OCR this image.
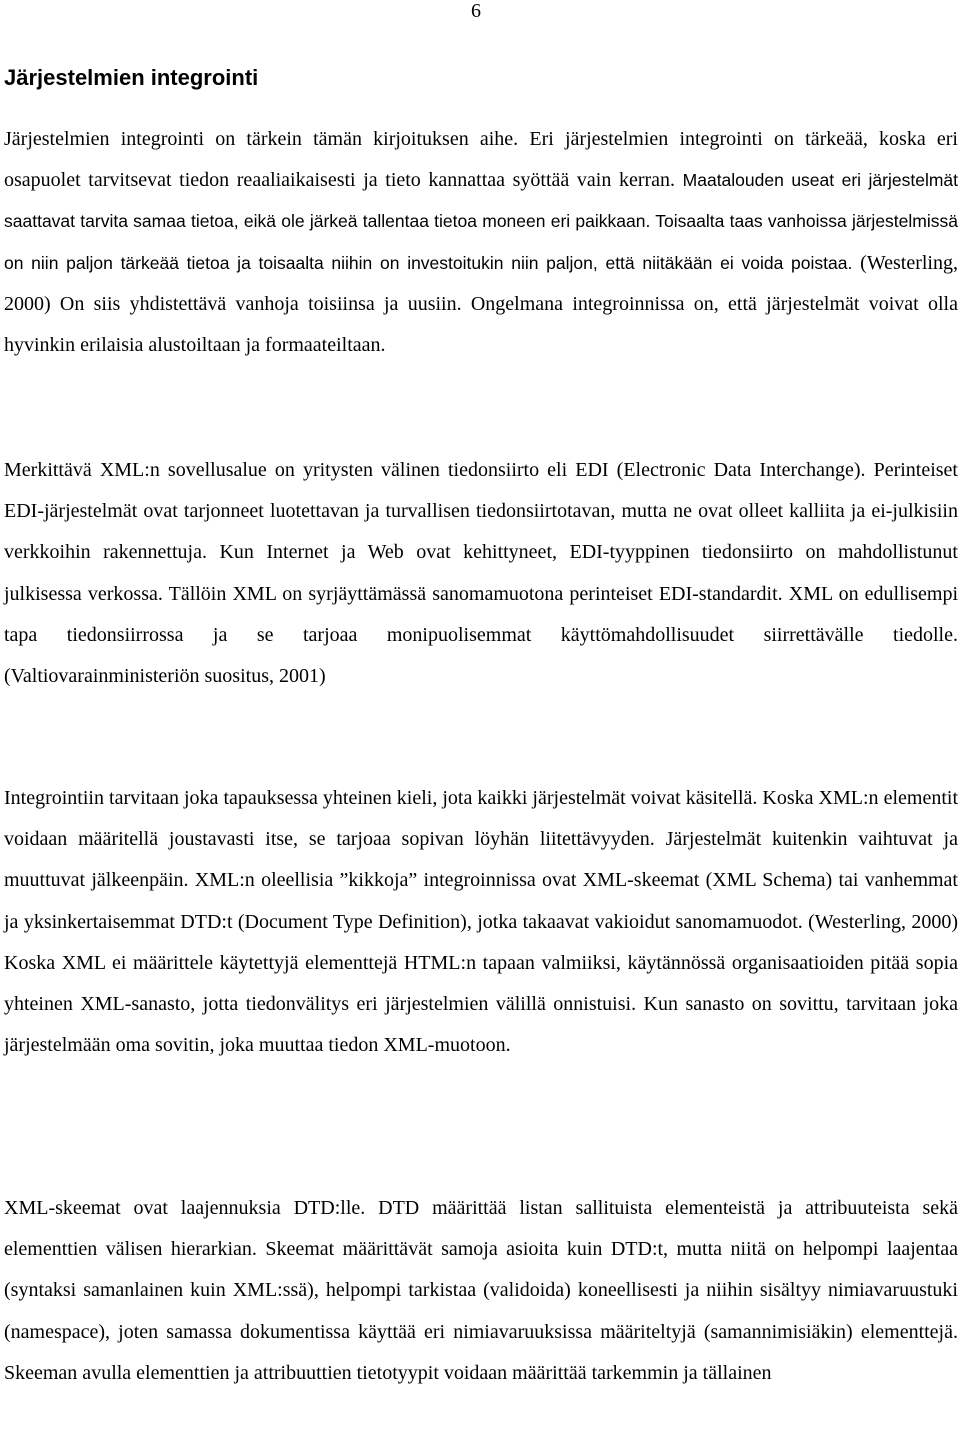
6
Järjestelmien integrointi

Järjestelmien integrointi on tärkein tämän kirjoituksen aihe. Eri järjestelmien integrointi on tärkeää, koska eri osapuolet tarvitsevat tiedon reaaliaikaisesti ja tieto kannattaa syöttää vain kerran. Maatalouden useat eri järjestelmät saattavat tarvita samaa tietoa, eikä ole järkeä tallentaa tietoa moneen eri paikkaan. Toisaalta taas vanhoissa järjestelmissä on niin paljon tärkeää tietoa ja toisaalta niihin on investoitukin niin paljon, että niitäkään ei voida poistaa. (Westerling, 2000) On siis yhdistettävä vanhoja toisiinsa ja uusiin. Ongelmana integroinnissa on, että järjestelmät voivat olla hyvinkin erilaisia alustoiltaan ja formaateiltaan.

Merkittävä XML:n sovellusalue on yritysten välinen tiedonsiirto eli EDI (Electronic Data Interchange). Perinteiset EDI-järjestelmät ovat tarjonneet luotettavan ja turvallisen tiedonsiirtotavan, mutta ne ovat olleet kalliita ja ei-julkisiin verkkoihin rakennettuja. Kun Internet ja Web ovat kehittyneet, EDI-tyyppinen tiedonsiirto on mahdollistunut julkisessa verkossa. Tällöin XML on syrjäyttämässä sanomamuotona perinteiset EDI-standardit. XML on edullisempi tapa tiedonsiirrossa ja se tarjoaa monipuolisemmat käyttömahdollisuudet siirrettävälle tiedolle. (Valtiovarainministeriön suositus, 2001)

Integrointiin tarvitaan joka tapauksessa yhteinen kieli, jota kaikki järjestelmät voivat käsitellä. Koska XML:n elementit voidaan määritellä joustavasti itse, se tarjoaa sopivan löyhän liitettävyyden. Järjestelmät kuitenkin vaihtuvat ja muuttuvat jälkeenpäin. XML:n oleellisia ”kikkoja” integroinnissa ovat XML-skeemat (XML Schema) tai vanhemmat ja yksinkertaisemmat DTD:t (Document Type Definition), jotka takaavat vakioidut sanomamuodot. (Westerling, 2000) Koska XML ei määrittele käytettyjä elementtejä HTML:n tapaan valmiiksi, käytännössä organisaatioiden pitää sopia yhteinen XML-sanasto, jotta tiedonvälitys eri järjestelmien välillä onnistuisi. Kun sanasto on sovittu, tarvitaan joka järjestelmään oma sovitin, joka muuttaa tiedon XML-muotoon.

XML-skeemat ovat laajennuksia DTD:lle. DTD määrittää listan sallituista elementeistä ja attribuuteista sekä elementtien välisen hierarkian. Skeemat määrittävät samoja asioita kuin DTD:t, mutta niitä on helpompi laajentaa (syntaksi samanlainen kuin XML:ssä), helpompi tarkistaa (validoida) koneellisesti ja niihin sisältyy nimiavaruustuki (namespace), joten samassa dokumentissa käyttää eri nimiavaruuksissa määriteltyjä (samannimisiäkin) elementtejä. Skeeman avulla elementtien ja attribuuttien tietotyypit voidaan määrittää tarkemmin ja tällainen
